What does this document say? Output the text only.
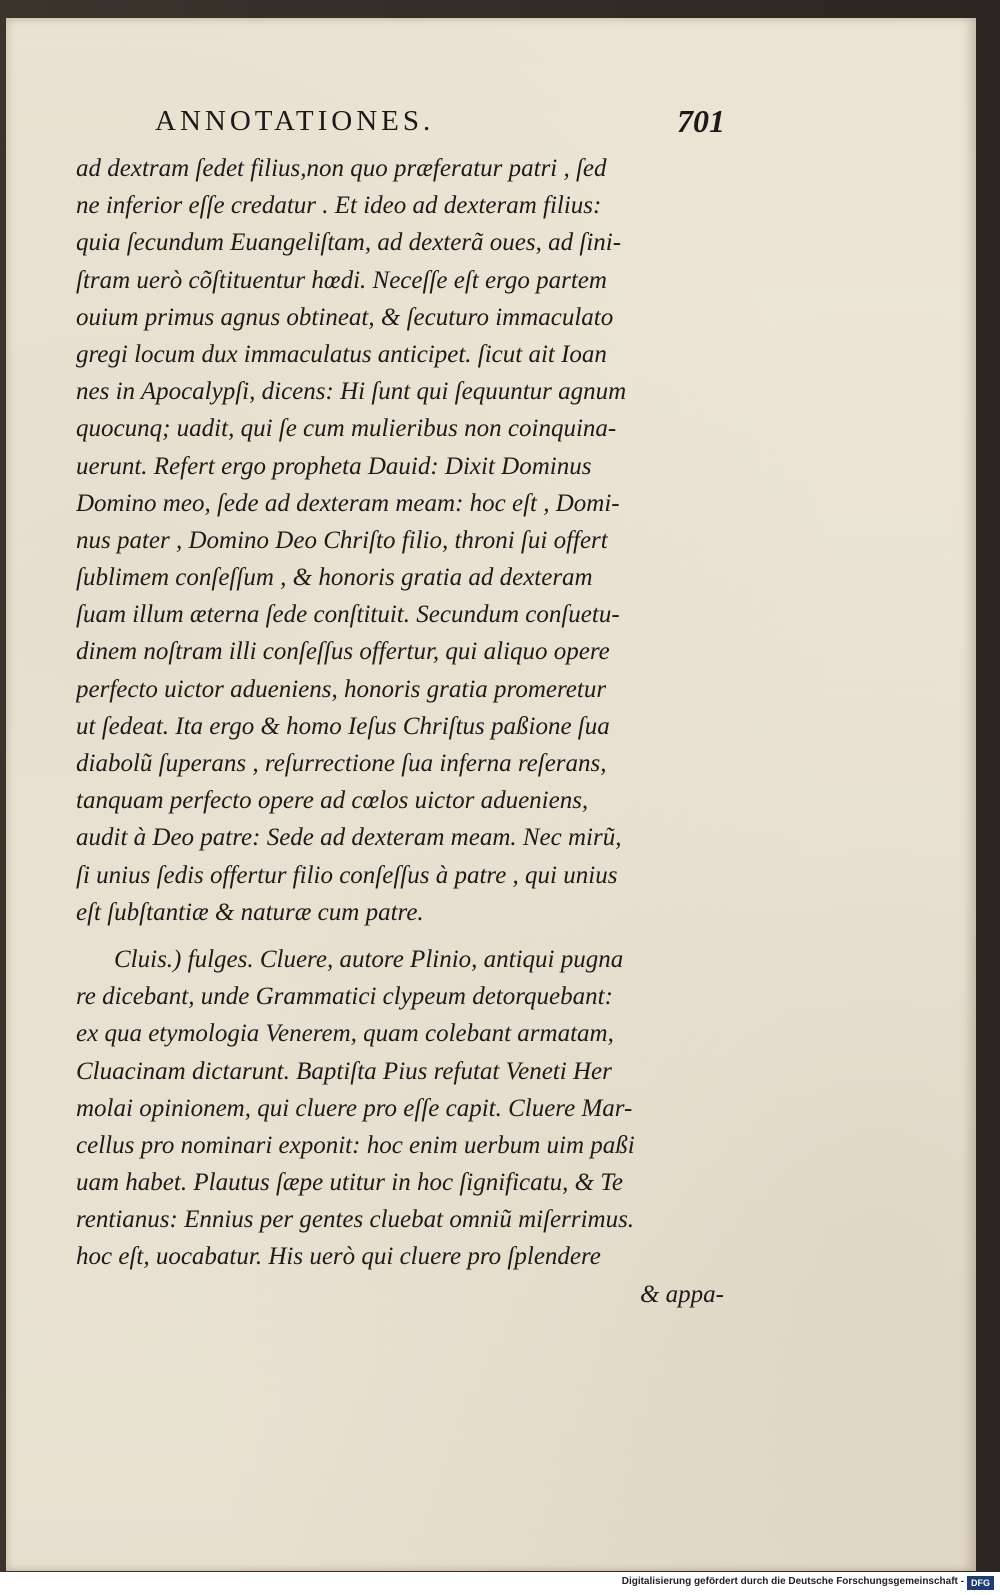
ANNOTATIONES.	701
ad dextram ſedet filius,non quo præferatur patri , ſed
ne inferior eſſe credatur . Et ideo ad dexteram filius:
quia ſecundum Euangeliſtam, ad dexterã oues, ad ſini-
ſtram uerò cõſtituentur hœdi. Neceſſe eſt ergo partem
ouium primus agnus obtineat, & ſecuturo immaculato
gregi locum dux immaculatus anticipet. ſicut ait Ioan
nes in Apocalypſi, dicens: Hi ſunt qui ſequuntur agnum
quocunq; uadit, qui ſe cum mulieribus non coinquina-
uerunt. Refert ergo propheta Dauid: Dixit Dominus
Domino meo, ſede ad dexteram meam: hoc eſt , Domi-
nus pater , Domino Deo Chriſto filio, throni ſui offert
ſublimem conſeſſum , & honoris gratia ad dexteram
ſuam illum æterna ſede conſtituit. Secundum conſuetu-
dinem noſtram illi conſeſſus offertur, qui aliquo opere
perfecto uictor adueniens, honoris gratia promeretur
ut ſedeat. Ita ergo & homo Ieſus Chriſtus paßione ſua
diabolũ ſuperans , reſurrectione ſua inferna reſerans,
tanquam perfecto opere ad cœlos uictor adueniens,
audit à Deo patre: Sede ad dexteram meam. Nec mirũ,
ſi unius ſedis offertur filio conſeſſus à patre , qui unius
eſt ſubſtantiæ & naturæ cum patre.
Cluis.) fulges. Cluere, autore Plinio, antiqui pugna
re dicebant, unde Grammatici clypeum detorquebant:
ex qua etymologia Venerem, quam colebant armatam,
Cluacinam dictarunt. Baptiſta Pius refutat Veneti Her
molai opinionem, qui cluere pro eſſe capit. Cluere Mar-
cellus pro nominari exponit: hoc enim uerbum uim paßi
uam habet. Plautus ſæpe utitur in hoc ſignificatu, & Te
rentianus: Ennius per gentes cluebat omniũ miſerrimus.
hoc eſt, uocabatur. His uerò qui cluere pro ſplendere
& appa-
Digitalisierung gefördert durch die Deutsche Forschungsgemeinschaft - DFG
